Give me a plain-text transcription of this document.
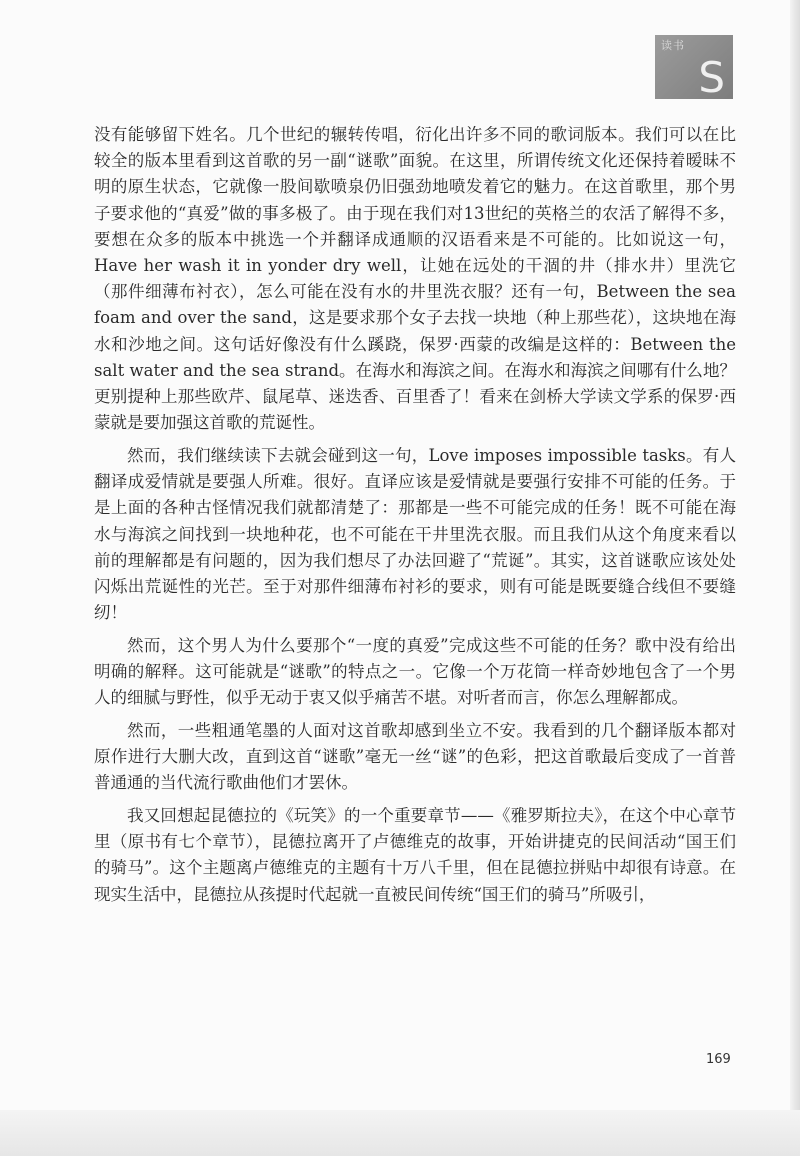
读书
S

没有能够留下姓名。几个世纪的辗转传唱，衍化出许多不同的歌词版本。我们可以在比较全的版本里看到这首歌的另一副“谜歌”面貌。在这里，所谓传统文化还保持着暧昧不明的原生状态，它就像一股间歇喷泉仍旧强劲地喷发着它的魅力。在这首歌里，那个男子要求他的“真爱”做的事多极了。由于现在我们对13世纪的英格兰的农活了解得不多，要想在众多的版本中挑选一个并翻译成通顺的汉语看来是不可能的。比如说这一句，Have her wash it in yonder dry well，让她在远处的干涸的井（排水井）里洗它（那件细薄布衬衣），怎么可能在没有水的井里洗衣服？还有一句，Between the sea foam and over the sand，这是要求那个女子去找一块地（种上那些花），这块地在海水和沙地之间。这句话好像没有什么蹊跷，保罗·西蒙的改编是这样的：Between the salt water and the sea strand。在海水和海滨之间。在海水和海滨之间哪有什么地？更别提种上那些欧芹、鼠尾草、迷迭香、百里香了！看来在剑桥大学读文学系的保罗·西蒙就是要加强这首歌的荒诞性。

然而，我们继续读下去就会碰到这一句，Love imposes impossible tasks。有人翻译成爱情就是要强人所难。很好。直译应该是爱情就是要强行安排不可能的任务。于是上面的各种古怪情况我们就都清楚了：那都是一些不可能完成的任务！既不可能在海水与海滨之间找到一块地种花，也不可能在干井里洗衣服。而且我们从这个角度来看以前的理解都是有问题的，因为我们想尽了办法回避了“荒诞”。其实，这首谜歌应该处处闪烁出荒诞性的光芒。至于对那件细薄布衬衫的要求，则有可能是既要缝合线但不要缝纫！

然而，这个男人为什么要那个“一度的真爱”完成这些不可能的任务？歌中没有给出明确的解释。这可能就是“谜歌”的特点之一。它像一个万花筒一样奇妙地包含了一个男人的细腻与野性，似乎无动于衷又似乎痛苦不堪。对听者而言，你怎么理解都成。

然而，一些粗通笔墨的人面对这首歌却感到坐立不安。我看到的几个翻译版本都对原作进行大删大改，直到这首“谜歌”毫无一丝“谜”的色彩，把这首歌最后变成了一首普普通通的当代流行歌曲他们才罢休。

我又回想起昆德拉的《玩笑》的一个重要章节——《雅罗斯拉夫》，在这个中心章节里（原书有七个章节），昆德拉离开了卢德维克的故事，开始讲捷克的民间活动“国王们的骑马”。这个主题离卢德维克的主题有十万八千里，但在昆德拉拼贴中却很有诗意。在现实生活中，昆德拉从孩提时代起就一直被民间传统“国王们的骑马”所吸引，

169
